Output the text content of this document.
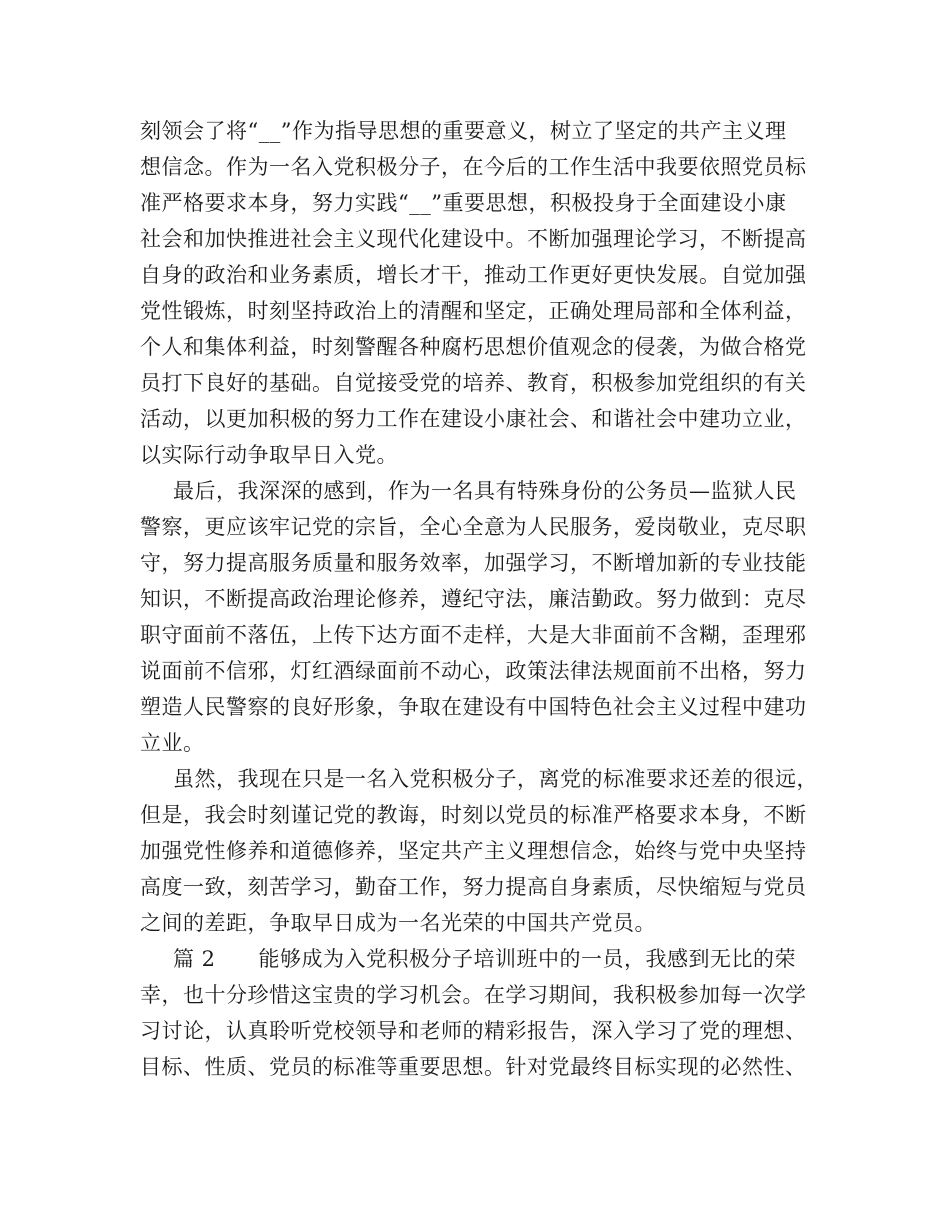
刻领会了将“__”作为指导思想的重要意义，树立了坚定的共产主义理
想信念。作为一名入党积极分子，在今后的工作生活中我要依照党员标
准严格要求本身，努力实践“__”重要思想，积极投身于全面建设小康
社会和加快推进社会主义现代化建设中。不断加强理论学习，不断提高
自身的政治和业务素质，增长才干，推动工作更好更快发展。自觉加强
党性锻炼，时刻坚持政治上的清醒和坚定，正确处理局部和全体利益，
个人和集体利益，时刻警醒各种腐朽思想价值观念的侵袭，为做合格党
员打下良好的基础。自觉接受党的培养、教育，积极参加党组织的有关
活动，以更加积极的努力工作在建设小康社会、和谐社会中建功立业，
以实际行动争取早日入党。
最后，我深深的感到，作为一名具有特殊身份的公务员—监狱人民
警察，更应该牢记党的宗旨，全心全意为人民服务，爱岗敬业，克尽职
守，努力提高服务质量和服务效率，加强学习，不断增加新的专业技能
知识，不断提高政治理论修养，遵纪守法，廉洁勤政。努力做到：克尽
职守面前不落伍，上传下达方面不走样，大是大非面前不含糊，歪理邪
说面前不信邪，灯红酒绿面前不动心，政策法律法规面前不出格，努力
塑造人民警察的良好形象，争取在建设有中国特色社会主义过程中建功
立业。
虽然，我现在只是一名入党积极分子，离党的标准要求还差的很远，
但是，我会时刻谨记党的教诲，时刻以党员的标准严格要求本身，不断
加强党性修养和道德修养，坚定共产主义理想信念，始终与党中央坚持
高度一致，刻苦学习，勤奋工作，努力提高自身素质，尽快缩短与党员
之间的差距，争取早日成为一名光荣的中国共产党员。
篇 2　　能够成为入党积极分子培训班中的一员，我感到无比的荣
幸，也十分珍惜这宝贵的学习机会。在学习期间，我积极参加每一次学
习讨论，认真聆听党校领导和老师的精彩报告，深入学习了党的理想、
目标、性质、党员的标准等重要思想。针对党最终目标实现的必然性、
